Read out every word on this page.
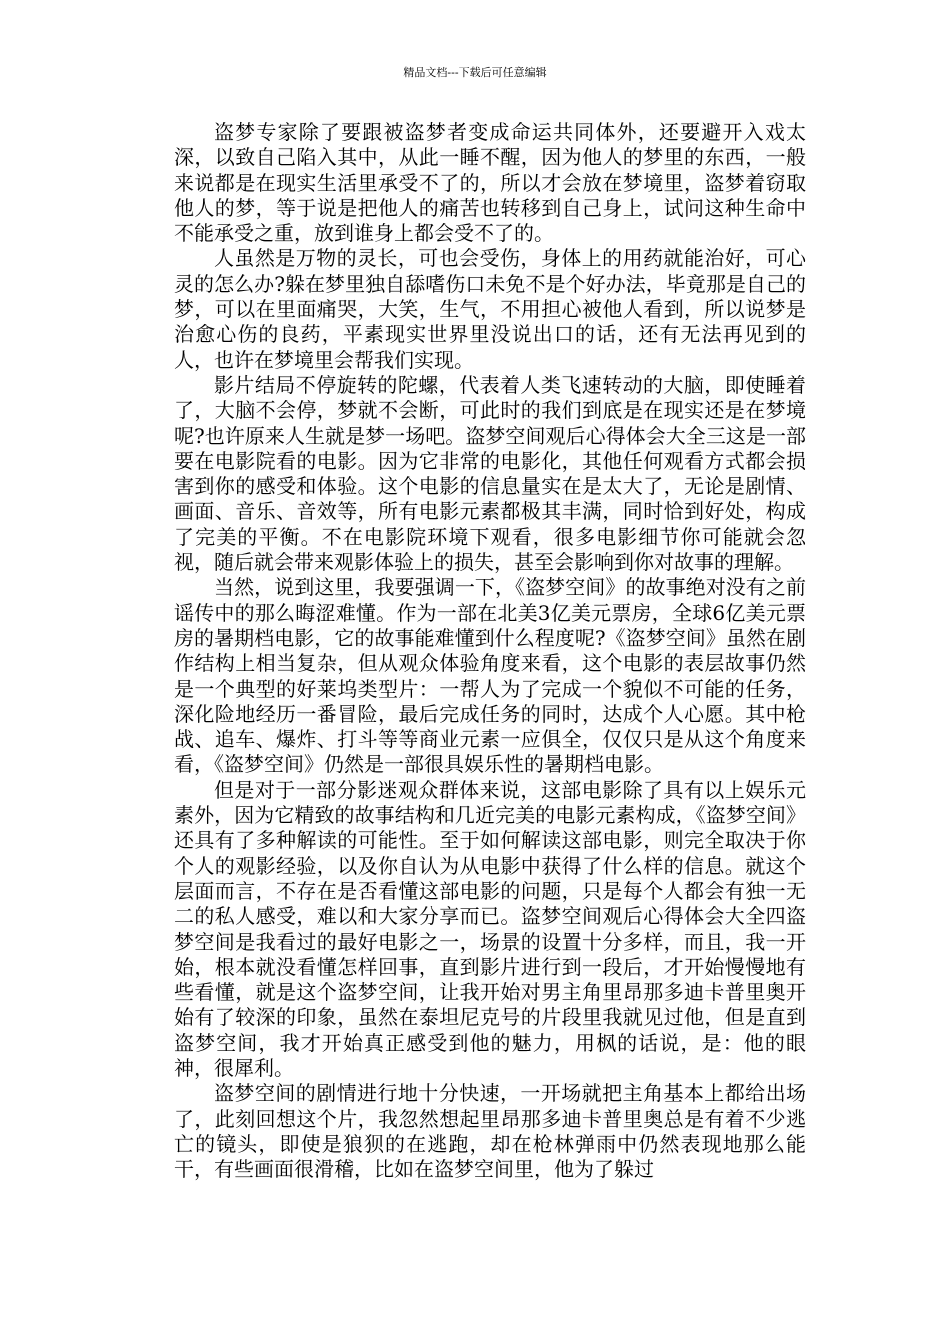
精品文档---下载后可任意编辑

盗梦专家除了要跟被盗梦者变成命运共同体外，还要避开入戏太深，以致自己陷入其中，从此一睡不醒，因为他人的梦里的东西，一般来说都是在现实生活里承受不了的，所以才会放在梦境里，盗梦着窃取他人的梦，等于说是把他人的痛苦也转移到自己身上，试问这种生命中不能承受之重，放到谁身上都会受不了的。

人虽然是万物的灵长，可也会受伤，身体上的用药就能治好，可心灵的怎么办?躲在梦里独自舔嗜伤口未免不是个好办法，毕竟那是自己的梦，可以在里面痛哭，大笑，生气，不用担心被他人看到，所以说梦是治愈心伤的良药，平素现实世界里没说出口的话，还有无法再见到的人，也许在梦境里会帮我们实现。

影片结局不停旋转的陀螺，代表着人类飞速转动的大脑，即使睡着了，大脑不会停，梦就不会断，可此时的我们到底是在现实还是在梦境呢?也许原来人生就是梦一场吧。盗梦空间观后心得体会大全三这是一部要在电影院看的电影。因为它非常的电影化，其他任何观看方式都会损害到你的感受和体验。这个电影的信息量实在是太大了，无论是剧情、画面、音乐、音效等，所有电影元素都极其丰满，同时恰到好处，构成了完美的平衡。不在电影院环境下观看，很多电影细节你可能就会忽视，随后就会带来观影体验上的损失，甚至会影响到你对故事的理解。

当然，说到这里，我要强调一下，《盗梦空间》的故事绝对没有之前谣传中的那么晦涩难懂。作为一部在北美3亿美元票房，全球6亿美元票房的暑期档电影，它的故事能难懂到什么程度呢?《盗梦空间》虽然在剧作结构上相当复杂，但从观众体验角度来看，这个电影的表层故事仍然是一个典型的好莱坞类型片：一帮人为了完成一个貌似不可能的任务，深化险地经历一番冒险，最后完成任务的同时，达成个人心愿。其中枪战、追车、爆炸、打斗等等商业元素一应俱全，仅仅只是从这个角度来看，《盗梦空间》仍然是一部很具娱乐性的暑期档电影。

但是对于一部分影迷观众群体来说，这部电影除了具有以上娱乐元素外，因为它精致的故事结构和几近完美的电影元素构成，《盗梦空间》还具有了多种解读的可能性。至于如何解读这部电影，则完全取决于你个人的观影经验，以及你自认为从电影中获得了什么样的信息。就这个层面而言，不存在是否看懂这部电影的问题，只是每个人都会有独一无二的私人感受，难以和大家分享而已。盗梦空间观后心得体会大全四盗梦空间是我看过的最好电影之一，场景的设置十分多样，而且，我一开始，根本就没看懂怎样回事，直到影片进行到一段后，才开始慢慢地有些看懂，就是这个盗梦空间，让我开始对男主角里昂那多迪卡普里奥开始有了较深的印象，虽然在泰坦尼克号的片段里我就见过他，但是直到盗梦空间，我才开始真正感受到他的魅力，用枫的话说，是：他的眼神，很犀利。

盗梦空间的剧情进行地十分快速，一开场就把主角基本上都给出场了，此刻回想这个片，我忽然想起里昂那多迪卡普里奥总是有着不少逃亡的镜头，即使是狼狈的在逃跑，却在枪林弹雨中仍然表现地那么能干，有些画面很滑稽，比如在盗梦空间里，他为了躲过
